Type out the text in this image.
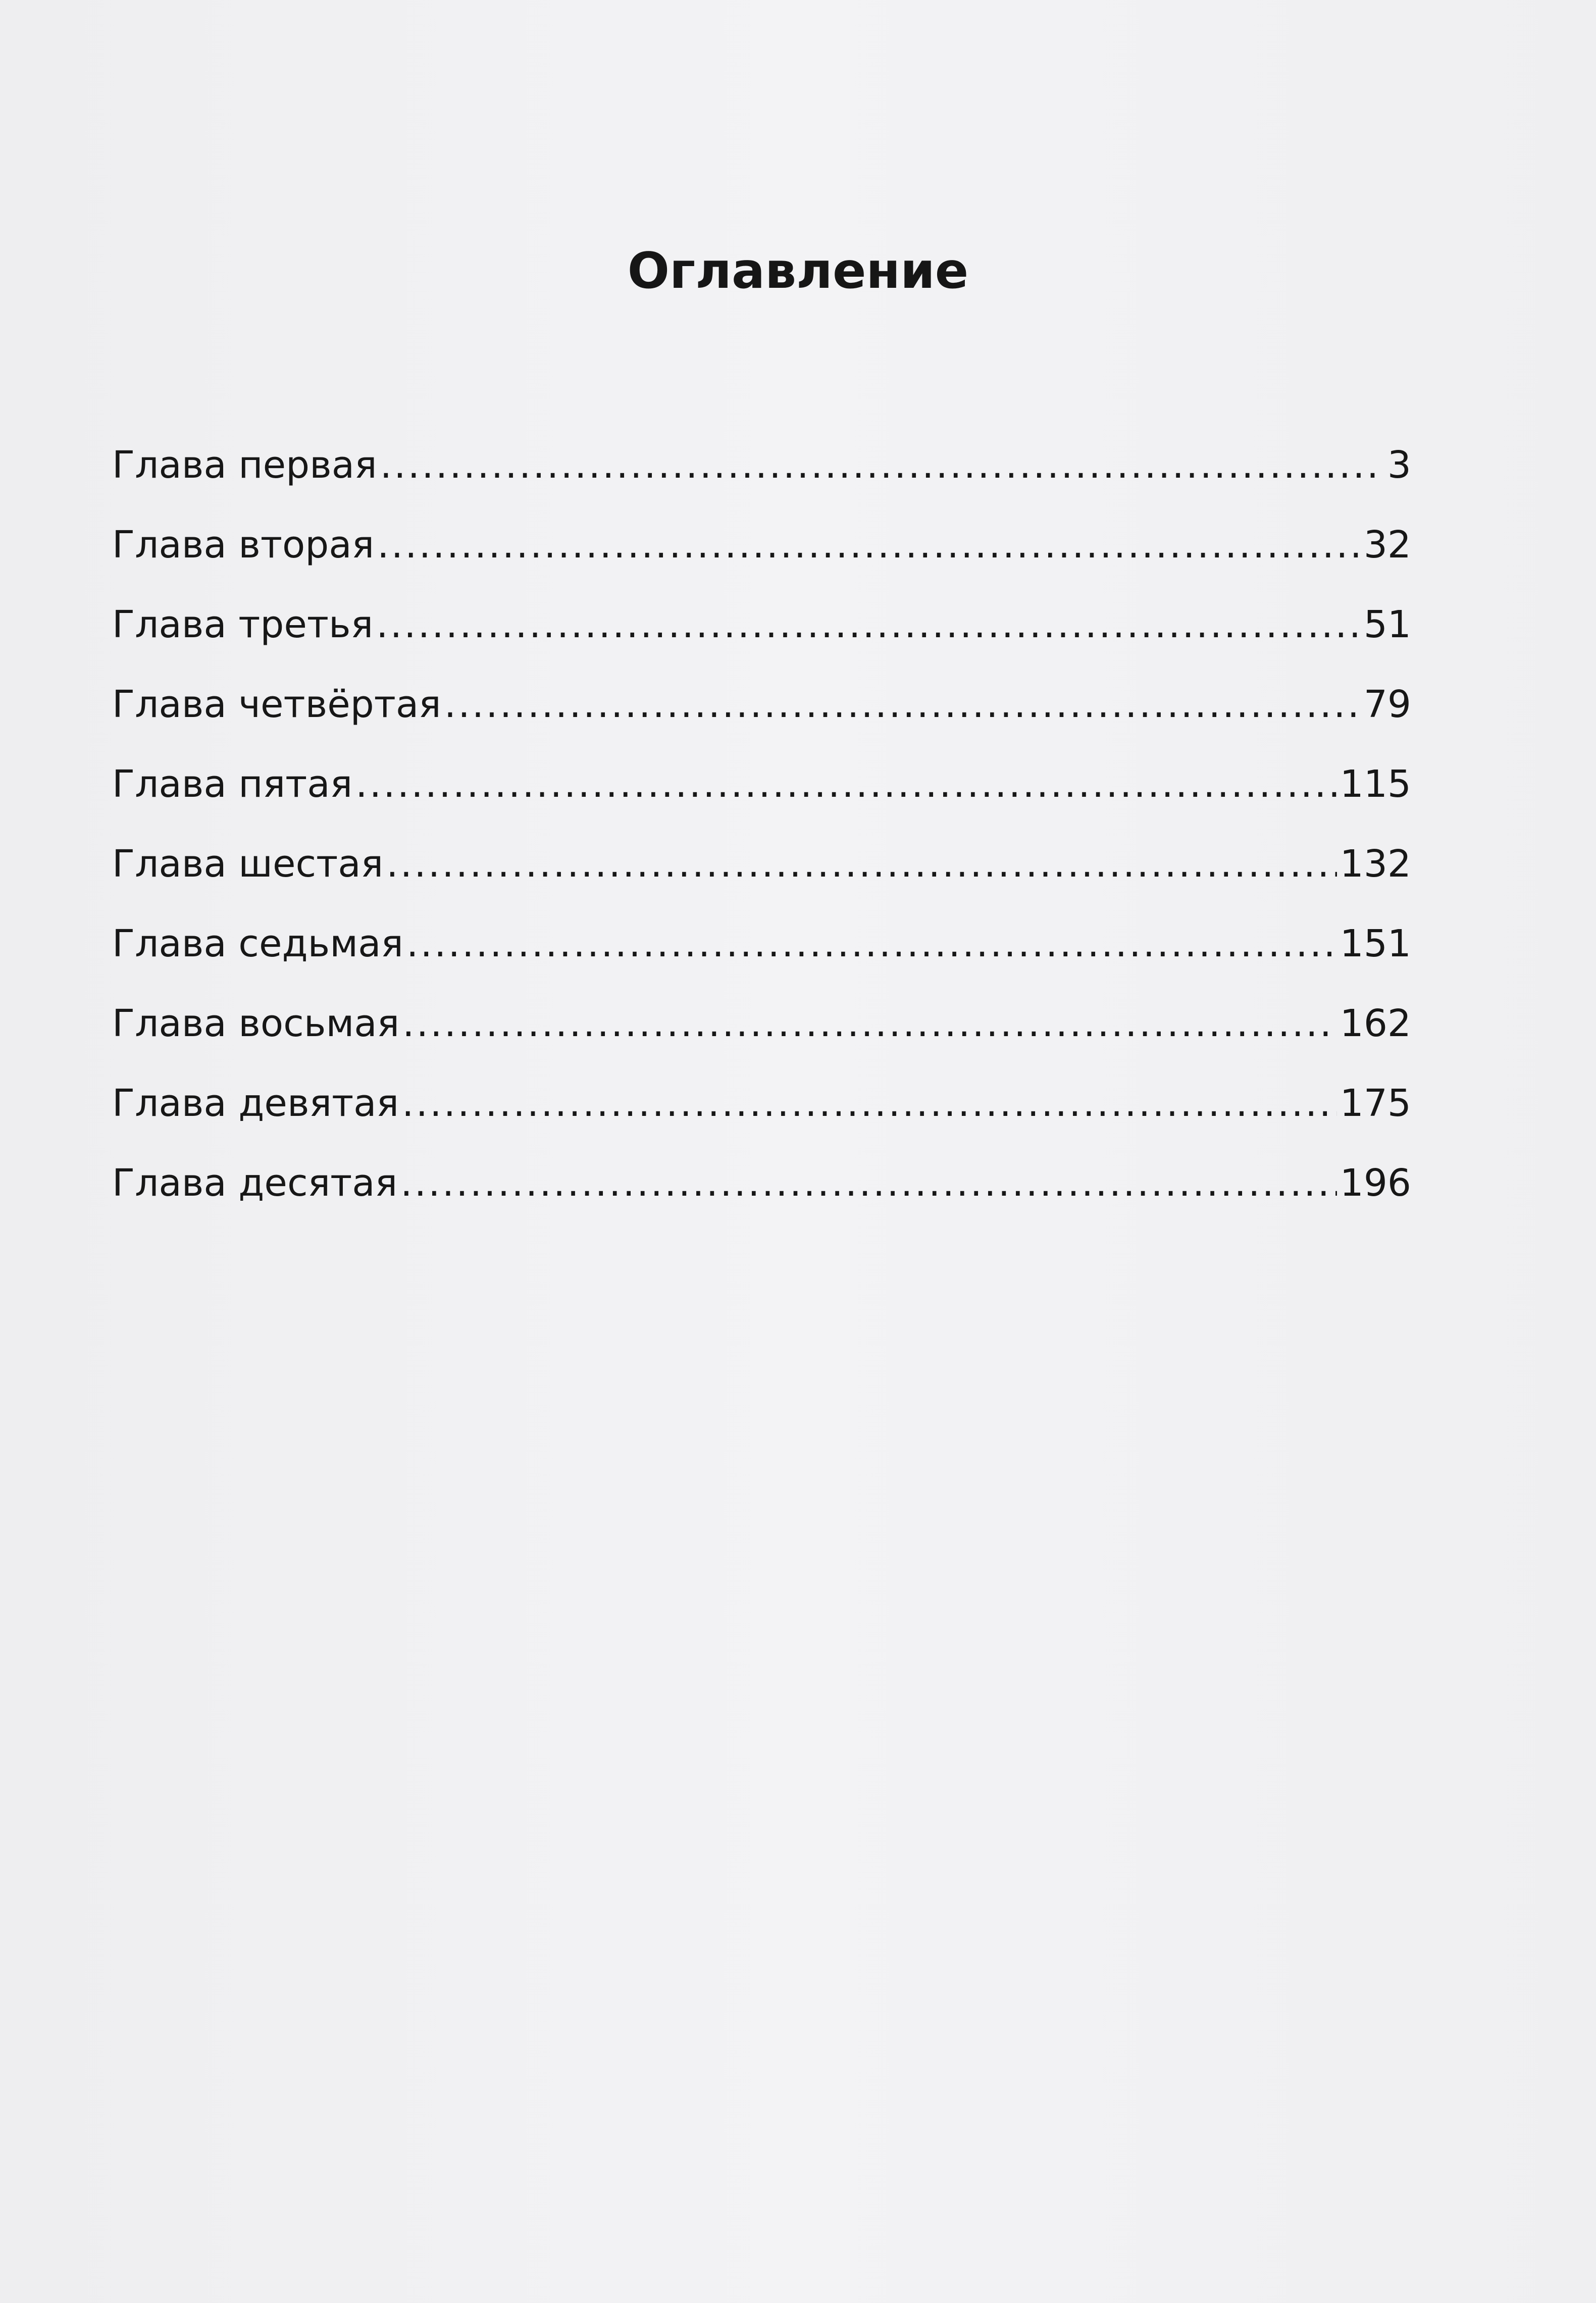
Оглавление
Глава первая .....	3
Глава вторая .....	32
Глава третья .....	51
Глава четвёртая .....	79
Глава пятая .....	115
Глава шестая .....	132
Глава седьмая .....	151
Глава восьмая .....	162
Глава девятая .....	175
Глава десятая .....	196
